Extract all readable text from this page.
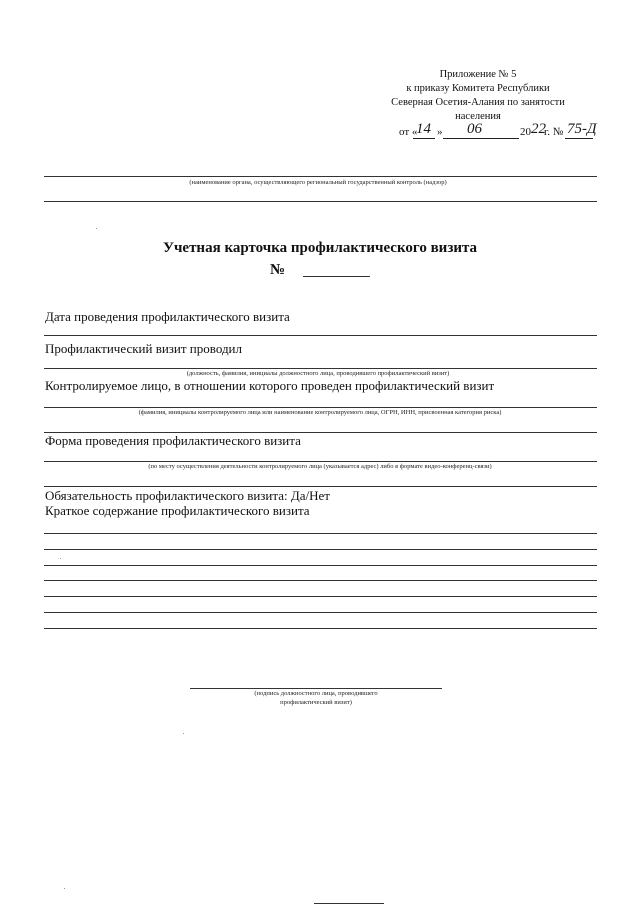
Приложение № 5
к приказу Комитета Республики
Северная Осетия-Алания по занятости
населения
от «
14 » 06	20 22
г. № 75-Д
(наименование органа, осуществляющего региональный государственный контроль (надзор)
Учетная карточка профилактического визита
№
Дата проведения профилактического визита
Профилактический визит проводил
(должность, фамилия, инициалы должностного лица, проводившего профилактический визит)
Контролируемое лицо, в отношении которого проведен профилактический визит
(фамилия, инициалы контролируемого лица или наименование контролируемого лица, ОГРН, ИНН, присвоенная категория риска)
Форма проведения профилактического визита
(по месту осуществления деятельности контролируемого лица (указывается адрес) либо в формате видео-конференц-связи)
Обязательность профилактического визита: Да/Нет
Краткое содержание профилактического визита
(подпись должностного лица, проводившего
профилактический визит)
